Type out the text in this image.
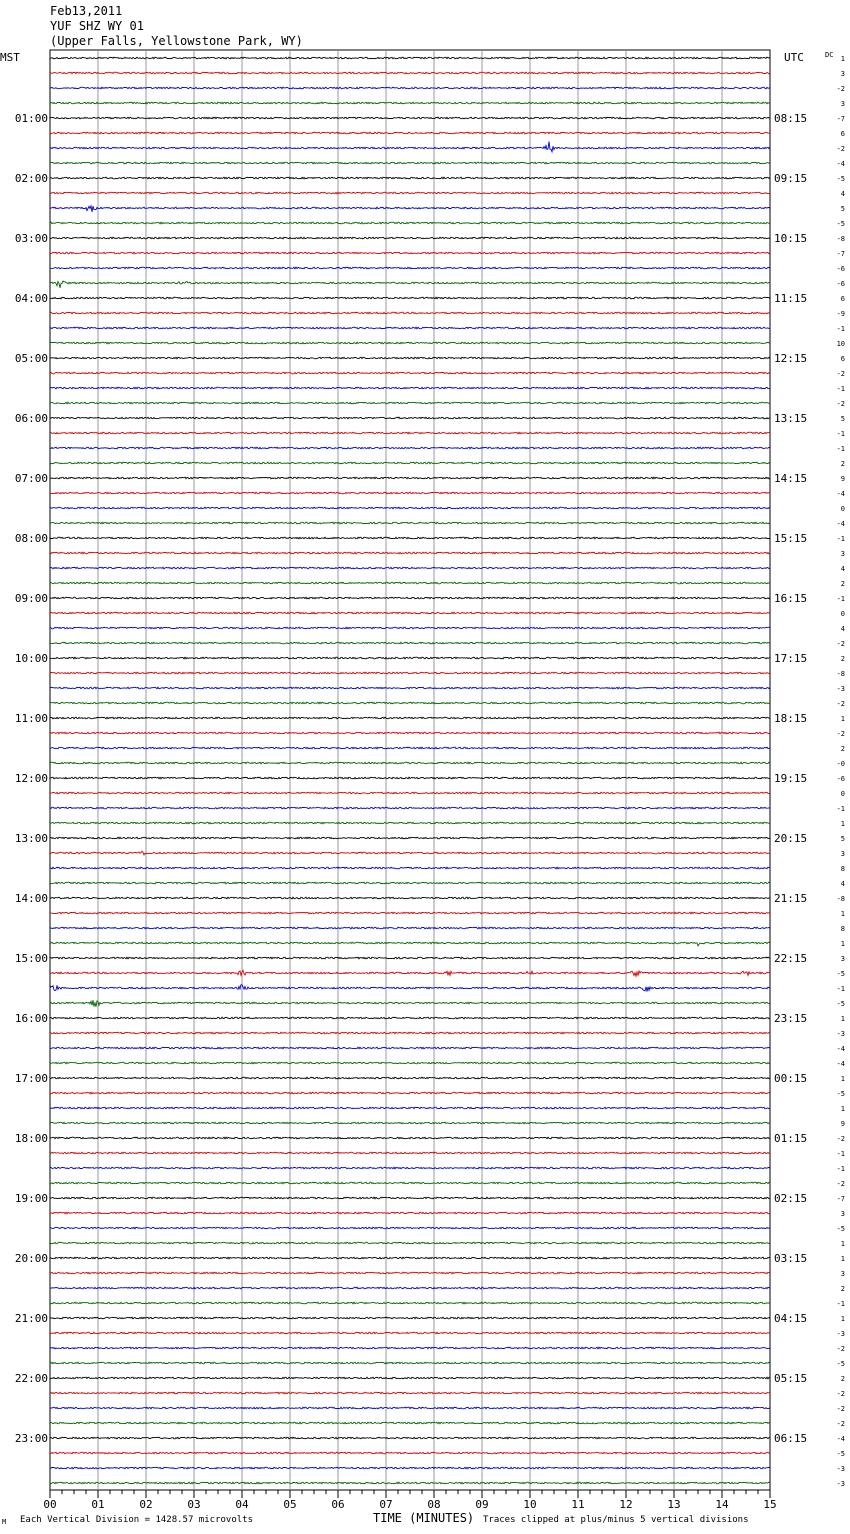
Feb13,2011
YUF SHZ WY 01
(Upper Falls, Yellowstone Park, WY)
01:00
02:00
03:00
04:00
05:00
06:00
07:00
08:00
09:00
10:00
11:00
12:00
13:00
14:00
15:00
16:00
17:00
18:00
19:00
20:00
21:00
22:00
23:00
08:15
09:15
10:15
11:15
12:15
13:15
14:15
15:15
16:15
17:15
18:15
19:15
20:15
21:15
22:15
23:15
00:15
01:15
02:15
03:15
04:15
05:15
06:15
MST	UTC	DC 1
3
-2
3
-7
6
-2
-4
-5
4
5
-5
-8
-7
-6
-6
6
-9
-1
10
6
-2
-1
-2
5
-1
-1
2
9
-4
0
-4
-1
3
4
2
-1
0
4
-2
2
-8
-3
-2
1
-2
2
-0
-6
0
-1
1
5
3
8
4
-8
1
8
1
3
-5
-1
-5
1
-3
-4
-4
1
-5
1
9
-2
-1
-1
-2
-7
3
-5
1
1
3
2
-1
1
-3
-2
-5
2
-2
-2
-2
-4
-5
-3
-3
00	01	02	03	04	05	06	07	08	09	10	11	12	13	14	15
Each Vertical Division = 1428.57 microvolts	TIME (MINUTES) Traces clipped at plus/minus 5 vertical divisions
M
